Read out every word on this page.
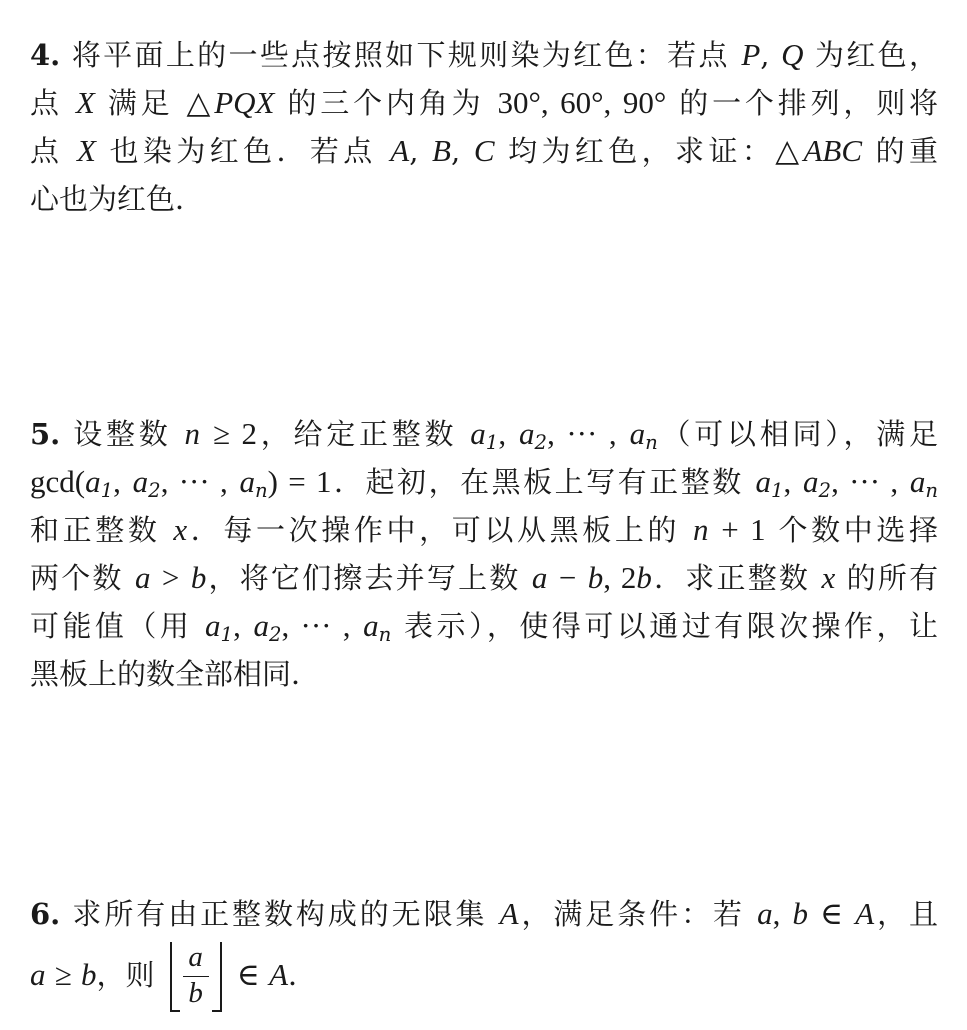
4. 将平面上的一些点按照如下规则染为红色：若点 P, Q 为红色，
点 X 满足 △PQX 的三个内角为 30°, 60°, 90° 的一个排列，则将
点 X 也染为红色．若点 A, B, C 均为红色，求证：△ABC 的重
心也为红色．
5. 设整数 n ≥ 2，给定正整数 $a_1$, $a_2$, ··· , $a_n$（可以相同），满足
$\gcd(a_1$, $a_2$, ··· , $a_n) = 1$．起初，在黑板上写有正整数 $a_1$, $a_2$, ··· , $a_n$
和正整数 x．每一次操作中，可以从黑板上的 n + 1 个数中选择
两个数 a > b，将它们擦去并写上数 a − b, 2b．求正整数 x 的所有
可能值（用 $a_1$, $a_2$, ··· , $a_n$ 表示），使得可以通过有限次操作，让
黑板上的数全部相同．
6. 求所有由正整数构成的无限集 A，满足条件：若 a, b ∈ A，且
a ≥ b，则 $\frac{a}{b}$ ∈ A．
